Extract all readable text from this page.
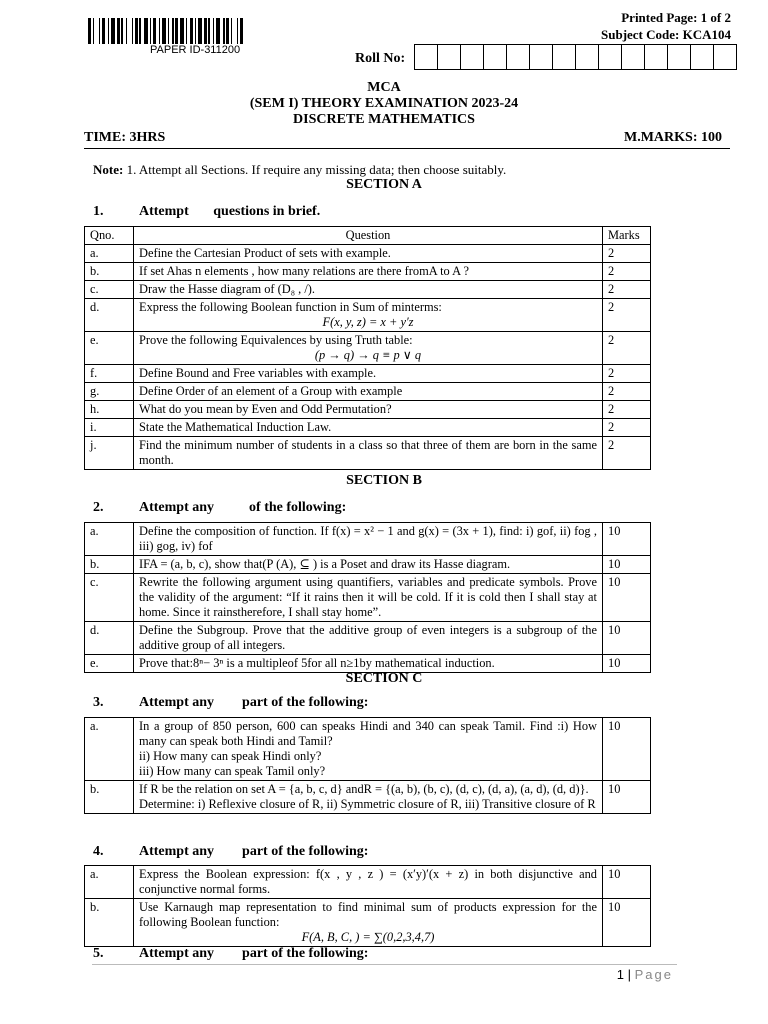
PAPER ID-311200
Printed Page: 1 of 2
Subject Code: KCA104
Roll No:
MCA
(SEM I) THEORY EXAMINATION 2023-24
DISCRETE MATHEMATICS
TIME: 3HRS	M.MARKS: 100
Note: 1. Attempt all Sections. If require any missing data; then choose suitably.
SECTION A
1.	Attempt       questions in brief.
Qno.	Question	Marks
a.	Define the Cartesian Product of sets with example.	2
b.	If set Ahas n elements , how many relations are there fromA to A ?	2
c.	Draw the Hasse diagram of (D₈ , /).	2
d.	Express the following Boolean function in Sum of minterms:
F(x, y, z) = x + y′z	2
e.	Prove the following Equivalences by using Truth table:
(p → q) → q ≡ p ∨ q	2
f.	Define Bound and Free variables with example.	2
g.	Define Order of an element of a Group with example	2
h.	What do you mean by Even and Odd Permutation?	2
i.	State the Mathematical Induction Law.	2
j.	Find the minimum number of students in a class so that three of them are born in the same month.	2
SECTION B
2.	Attempt any          of the following:
a.	Define the composition of function. If f(x) = x² − 1 and g(x) = (3x + 1), find: i) gof, ii) fog , iii) gog, iv) fof	10
b.	IFA = (a, b, c), show that(P (A), ⊆ ) is a Poset and draw its Hasse diagram.	10
c.	Rewrite the following argument using quantifiers, variables and predicate symbols. Prove the validity of the argument: “If it rains then it will be cold. If it is cold then I shall stay at home. Since it rainstherefore, I shall stay home”.	10
d.	Define the Subgroup. Prove that the additive group of even integers is a subgroup of the additive group of all integers.	10
e.	Prove that:8ⁿ− 3ⁿ is a multipleof 5for all n≥1by mathematical induction.	10
SECTION C
3.	Attempt any        part of the following:
a.	In a group of 850 person, 600 can speaks Hindi and 340 can speak Tamil. Find :i) How many can speak both Hindi and Tamil?
ii) How many can speak Hindi only?
iii) How many can speak Tamil only?	10
b.	If R be the relation on set A = {a, b, c, d} andR = {(a, b), (b, c), (d, c), (d, a), (a, d), (d, d)}.
Determine: i) Reflexive closure of R, ii) Symmetric closure of R, iii) Transitive closure of R	10
4.	Attempt any        part of the following:
a.	Express the Boolean expression: f(x , y , z ) = (x′y)′(x + z) in both disjunctive and conjunctive normal forms.	10
b.	Use Karnaugh map representation to find minimal sum of products expression for the following Boolean function:
F(A, B, C, ) = ∑(0,2,3,4,7)	10
5.	Attempt any        part of the following:
1 | Page
